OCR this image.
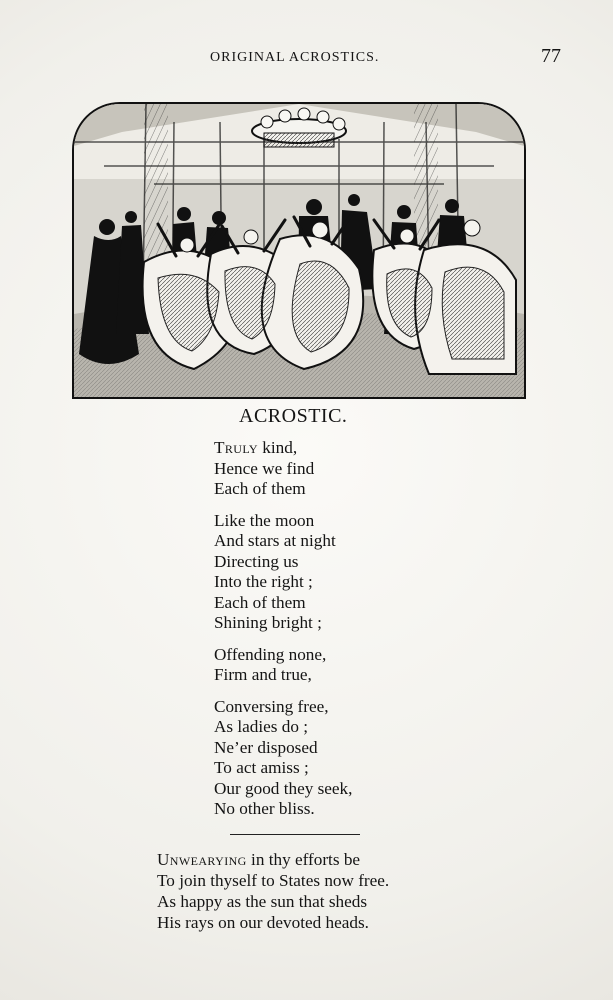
ORIGINAL ACROSTICS.	77
ACROSTIC.
Truly kind,
Hence we find
Each of them
Like the moon
And stars at night
Directing us
Into the right ;
Each of them
Shining bright ;
Offending none,
Firm and true,
Conversing free,
As ladies do ;
Ne’er disposed
To act amiss ;
Our good they seek,
No other bliss.
Unwearying in thy efforts be
To join thyself to States now free.
As happy as the sun that sheds
His rays on our devoted heads.
